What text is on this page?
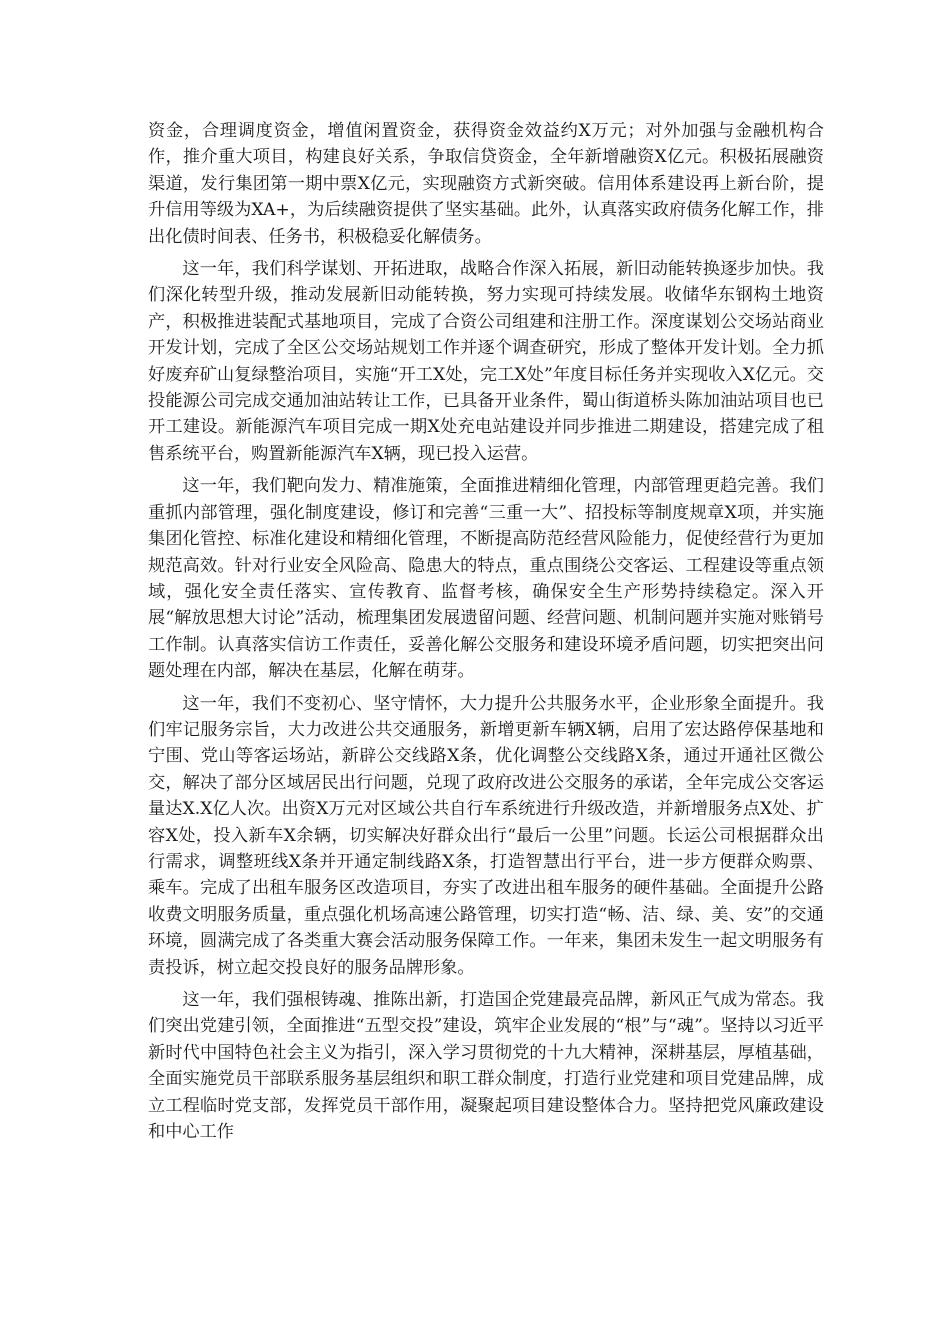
资金，合理调度资金，增值闲置资金，获得资金效益约X万元；对外加强与金融机构合作，推介重大项目，构建良好关系，争取信贷资金，全年新增融资X亿元。积极拓展融资渠道，发行集团第一期中票X亿元，实现融资方式新突破。信用体系建设再上新台阶，提升信用等级为XA+，为后续融资提供了坚实基础。此外，认真落实政府债务化解工作，排出化债时间表、任务书，积极稳妥化解债务。

这一年，我们科学谋划、开拓进取，战略合作深入拓展，新旧动能转换逐步加快。我们深化转型升级，推动发展新旧动能转换，努力实现可持续发展。收储华东钢构土地资产，积极推进装配式基地项目，完成了合资公司组建和注册工作。深度谋划公交场站商业开发计划，完成了全区公交场站规划工作并逐个调查研究，形成了整体开发计划。全力抓好废弃矿山复绿整治项目，实施“开工X处，完工X处”年度目标任务并实现收入X亿元。交投能源公司完成交通加油站转让工作，已具备开业条件，蜀山街道桥头陈加油站项目也已开工建设。新能源汽车项目完成一期X处充电站建设并同步推进二期建设，搭建完成了租售系统平台，购置新能源汽车X辆，现已投入运营。

这一年，我们靶向发力、精准施策，全面推进精细化管理，内部管理更趋完善。我们重抓内部管理，强化制度建设，修订和完善“三重一大”、招投标等制度规章X项，并实施集团化管控、标准化建设和精细化管理，不断提高防范经营风险能力，促使经营行为更加规范高效。针对行业安全风险高、隐患大的特点，重点围绕公交客运、工程建设等重点领域，强化安全责任落实、宣传教育、监督考核，确保安全生产形势持续稳定。深入开展“解放思想大讨论”活动，梳理集团发展遗留问题、经营问题、机制问题并实施对账销号工作制。认真落实信访工作责任，妥善化解公交服务和建设环境矛盾问题，切实把突出问题处理在内部，解决在基层，化解在萌芽。

这一年，我们不变初心、坚守情怀，大力提升公共服务水平，企业形象全面提升。我们牢记服务宗旨，大力改进公共交通服务，新增更新车辆X辆，启用了宏达路停保基地和宁围、党山等客运场站，新辟公交线路X条，优化调整公交线路X条，通过开通社区微公交，解决了部分区域居民出行问题，兑现了政府改进公交服务的承诺，全年完成公交客运量达X.X亿人次。出资X万元对区域公共自行车系统进行升级改造，并新增服务点X处、扩容X处，投入新车X余辆，切实解决好群众出行“最后一公里”问题。长运公司根据群众出行需求，调整班线X条并开通定制线路X条，打造智慧出行平台，进一步方便群众购票、乘车。完成了出租车服务区改造项目，夯实了改进出租车服务的硬件基础。全面提升公路收费文明服务质量，重点强化机场高速公路管理，切实打造“畅、洁、绿、美、安”的交通环境，圆满完成了各类重大赛会活动服务保障工作。一年来，集团未发生一起文明服务有责投诉，树立起交投良好的服务品牌形象。

这一年，我们强根铸魂、推陈出新，打造国企党建最亮品牌，新风正气成为常态。我们突出党建引领，全面推进“五型交投”建设，筑牢企业发展的“根”与“魂”。坚持以习近平新时代中国特色社会主义为指引，深入学习贯彻党的十九大精神，深耕基层，厚植基础，全面实施党员干部联系服务基层组织和职工群众制度，打造行业党建和项目党建品牌，成立工程临时党支部，发挥党员干部作用，凝聚起项目建设整体合力。坚持把党风廉政建设和中心工作
